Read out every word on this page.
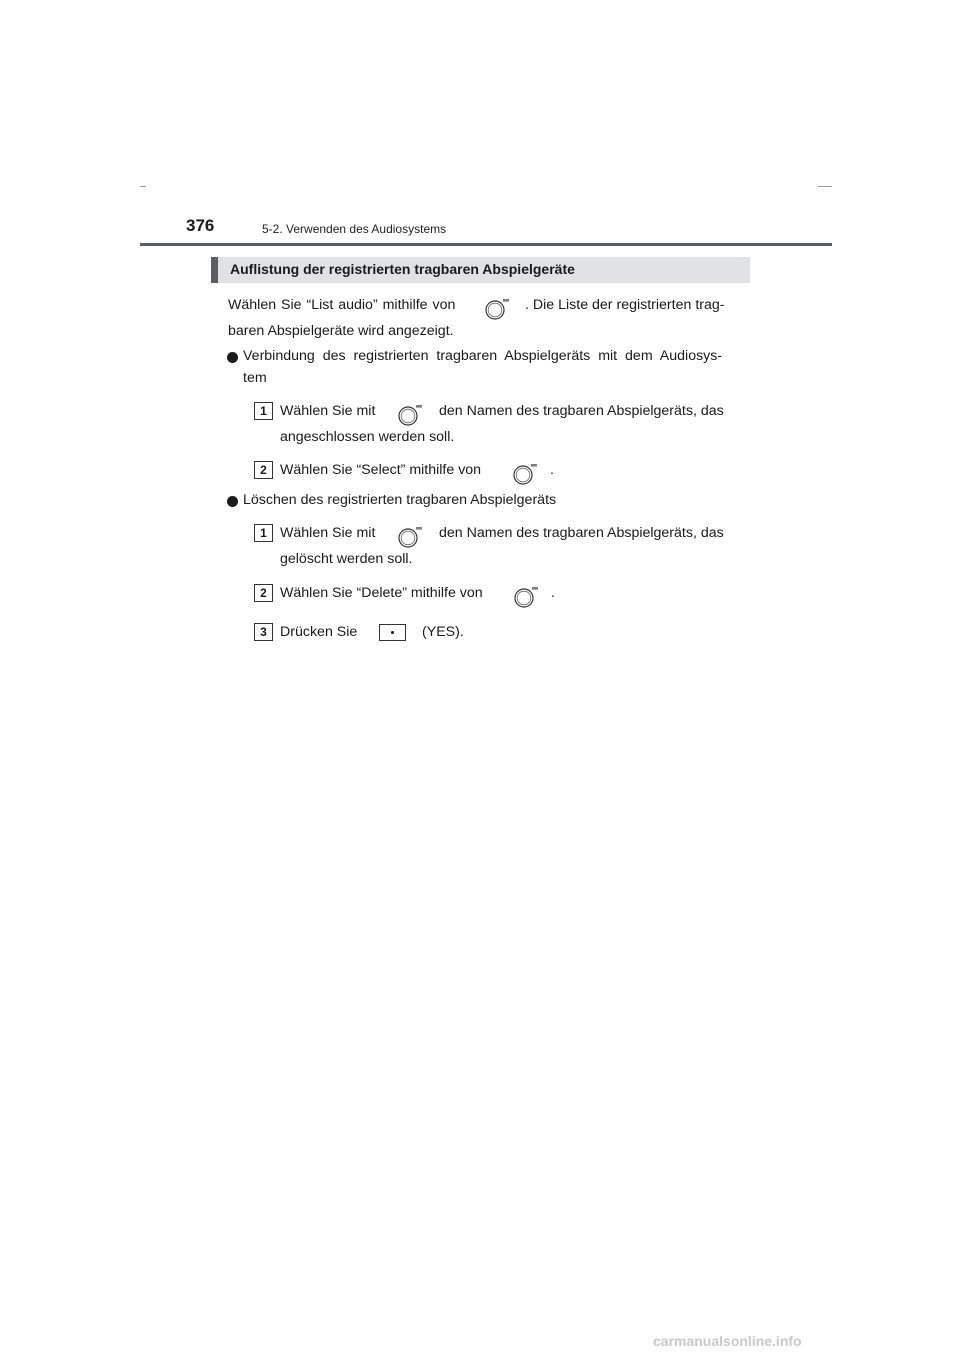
376	5-2. Verwenden des Audiosystems
Auflistung der registrierten tragbaren Abspielgeräte
Wählen Sie “List audio” mithilfe von	. Die Liste der registrierten trag-
baren Abspielgeräte wird angezeigt.
Verbindung des registrierten tragbaren Abspielgeräts mit dem Audiosys-
tem
1 Wählen Sie mit	den Namen des tragbaren Abspielgeräts, das
angeschlossen werden soll.
2 Wählen Sie “Select” mithilfe von	.
Löschen des registrierten tragbaren Abspielgeräts
1 Wählen Sie mit	den Namen des tragbaren Abspielgeräts, das
gelöscht werden soll.
2 Wählen Sie “Delete” mithilfe von	.
3 Drücken Sie	(YES).
carmanualsonline.info
